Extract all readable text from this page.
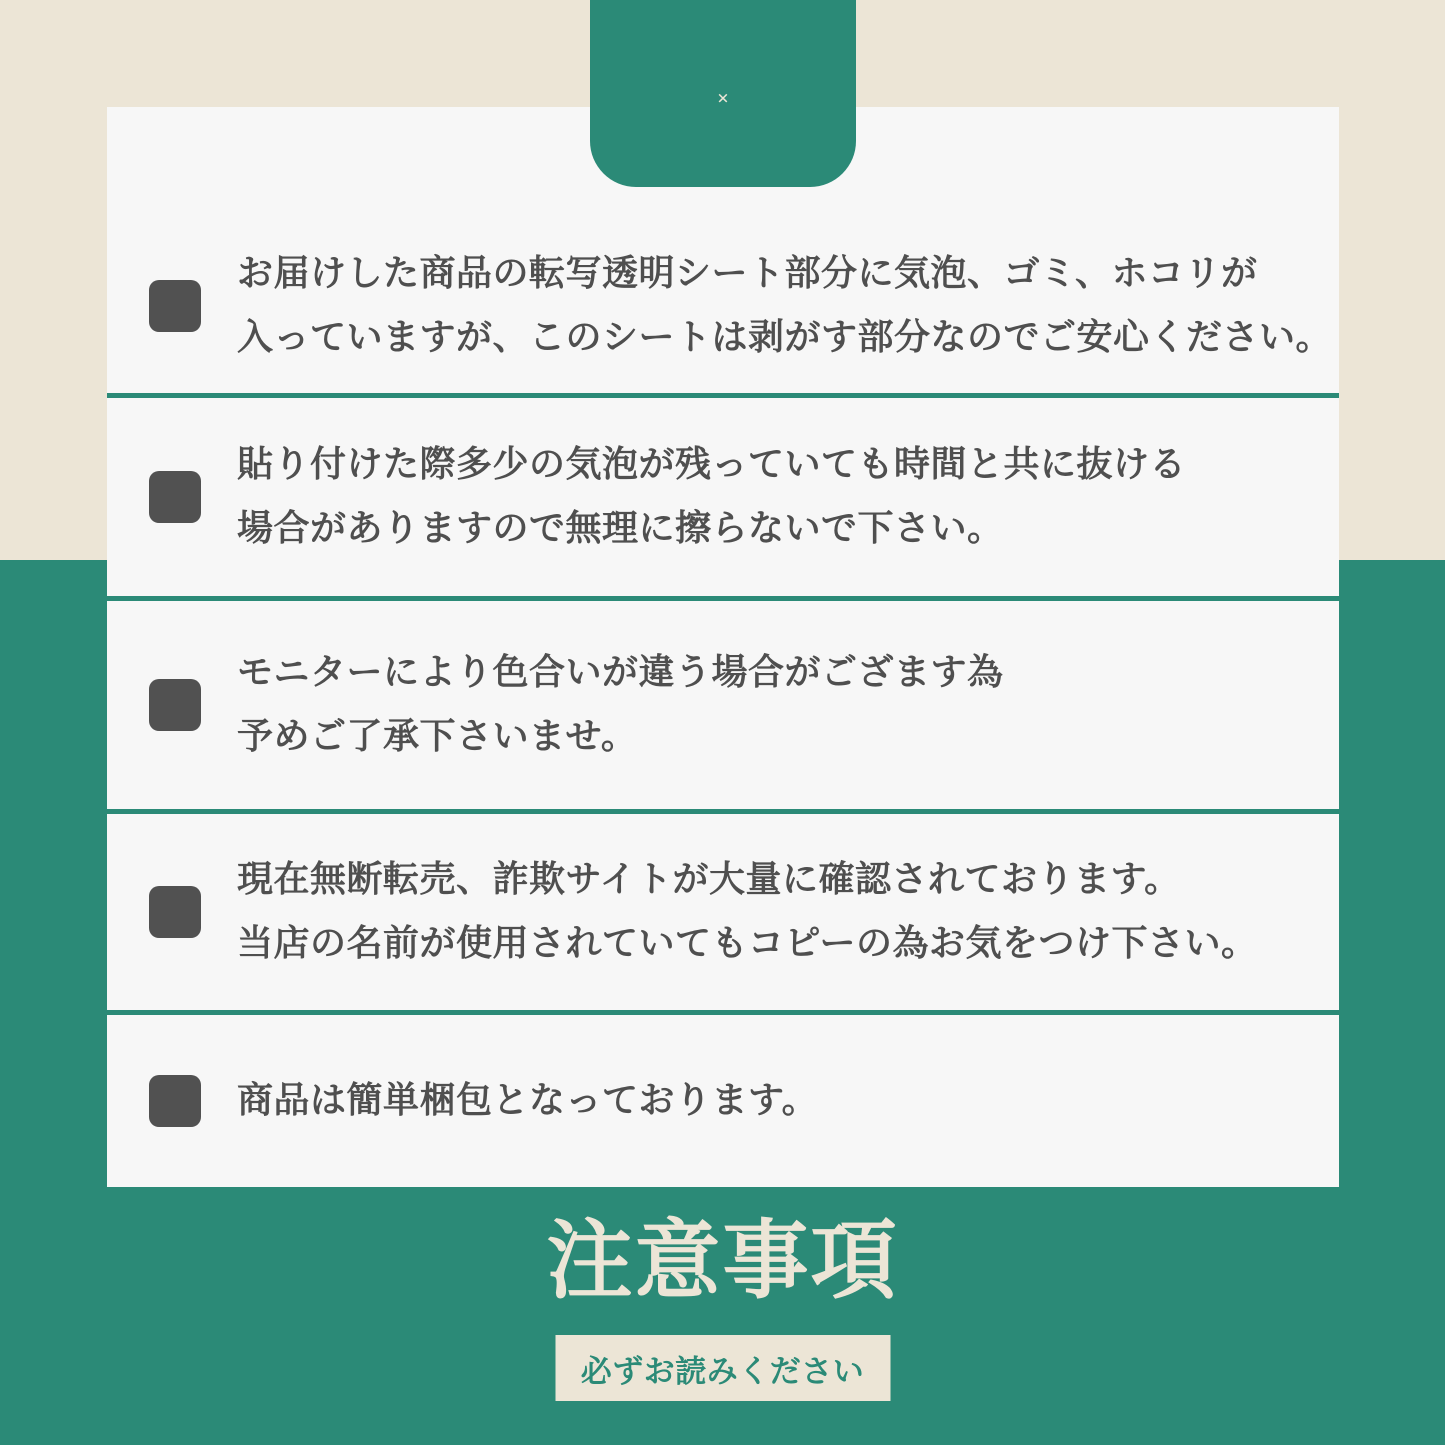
お届けした商品の転写透明シート部分に気泡、ゴミ、ホコリが
入っていますが、このシートは剥がす部分なのでご安心ください。
貼り付けた際多少の気泡が残っていても時間と共に抜ける
場合がありますので無理に擦らないで下さい。
モニターにより色合いが違う場合がござます為
予めご了承下さいませ。
現在無断転売、詐欺サイトが大量に確認されております。
当店の名前が使用されていてもコピーの為お気をつけ下さい。
商品は簡単梱包となっております。
×
注意事項
必ずお読みください
